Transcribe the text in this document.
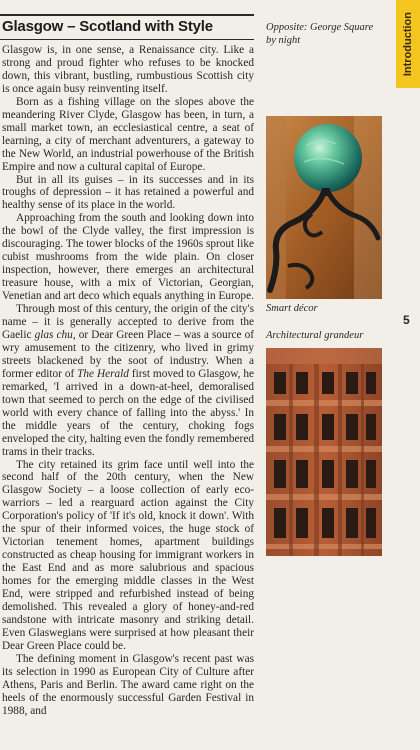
Glasgow – Scotland with Style

Glasgow is, in one sense, a Renaissance city. Like a strong and proud fighter who refuses to be knocked down, this vibrant, bustling, rumbustious Scottish city is once again busy reinventing itself.

Born as a fishing village on the slopes above the meandering River Clyde, Glasgow has been, in turn, a small market town, an ecclesiastical centre, a seat of learning, a city of merchant adventurers, a gateway to the New World, an industrial powerhouse of the British Empire and now a cultural capital of Europe.

But in all its guises – in its successes and in its troughs of depression – it has retained a powerful and healthy sense of its place in the world.

Approaching from the south and looking down into the bowl of the Clyde valley, the first impression is discouraging. The tower blocks of the 1960s sprout like cubist mushrooms from the wide plain. On closer inspection, however, there emerges an architectural treasure house, with a mix of Victorian, Georgian, Venetian and art deco which equals anything in Europe.

Through most of this century, the origin of the city's name – it is generally accepted to derive from the Gaelic glas chu, or Dear Green Place – was a source of wry amusement to the citizenry, who lived in grimy streets blackened by the soot of industry. When a former editor of The Herald first moved to Glasgow, he remarked, 'I arrived in a down-at-heel, demoralised town that seemed to perch on the edge of the civilised world with every chance of falling into the abyss.' In the middle years of the century, choking fogs enveloped the city, halting even the fondly remembered trams in their tracks.

The city retained its grim face until well into the second half of the 20th century, when the New Glasgow Society – a loose collection of early eco-warriors – led a rearguard action against the City Corporation's policy of 'If it's old, knock it down'. With the spur of their informed voices, the huge stock of Victorian tenement homes, apartment buildings constructed as cheap housing for immigrant workers in the East End and as more salubrious and spacious homes for the emerging middle classes in the West End, were stripped and refurbished instead of being demolished. This revealed a glory of honey-and-red sandstone with intricate masonry and striking detail. Even Glaswegians were surprised at how pleasant their Dear Green Place could be.

The defining moment in Glasgow's recent past was its selection in 1990 as European City of Culture after Athens, Paris and Berlin. The award came right on the heels of the enormously successful Garden Festival in 1988, and

Opposite: George Square by night
Smart décor
Architectural grandeur
Introduction
5
